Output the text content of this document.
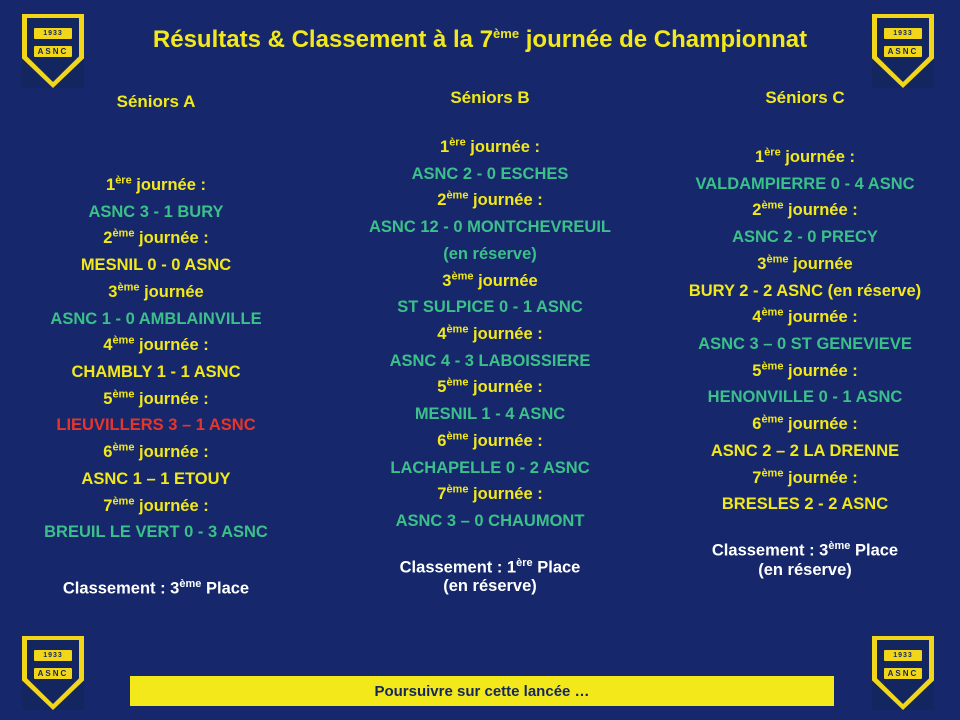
1933
ASNC
1933
ASNC
1933
ASNC
1933
ASNC
Résultats & Classement à la 7ème journée de Championnat
Séniors A
1ère journée :
ASNC 3 - 1 BURY
2ème journée :
MESNIL 0 - 0 ASNC
3ème journée
ASNC 1 - 0 AMBLAINVILLE
4ème journée :
CHAMBLY 1 - 1 ASNC
5ème journée :
LIEUVILLERS 3 – 1 ASNC
6ème journée :
ASNC 1 – 1 ETOUY
7ème journée :
BREUIL LE VERT 0 - 3 ASNC
Classement : 3ème Place
Séniors B
1ère journée :
ASNC 2 - 0 ESCHES
2ème journée :
ASNC 12 - 0 MONTCHEVREUIL
(en réserve)
3ème journée
ST SULPICE 0 - 1 ASNC
4ème journée :
ASNC 4 - 3 LABOISSIERE
5ème journée :
MESNIL 1 - 4 ASNC
6ème journée :
LACHAPELLE 0 - 2 ASNC
7ème journée :
ASNC 3 – 0 CHAUMONT
Classement : 1ère Place
(en réserve)
Séniors C
1ère journée :
VALDAMPIERRE 0 - 4 ASNC
2ème journée :
ASNC 2 - 0 PRECY
3ème journée
BURY 2 - 2 ASNC (en réserve)
4ème journée :
ASNC 3 – 0 ST GENEVIEVE
5ème journée :
HENONVILLE 0 - 1 ASNC
6ème journée :
ASNC 2 – 2 LA DRENNE
7ème journée :
BRESLES 2 - 2 ASNC
Classement : 3ème Place
(en réserve)
Poursuivre sur cette lancée …
